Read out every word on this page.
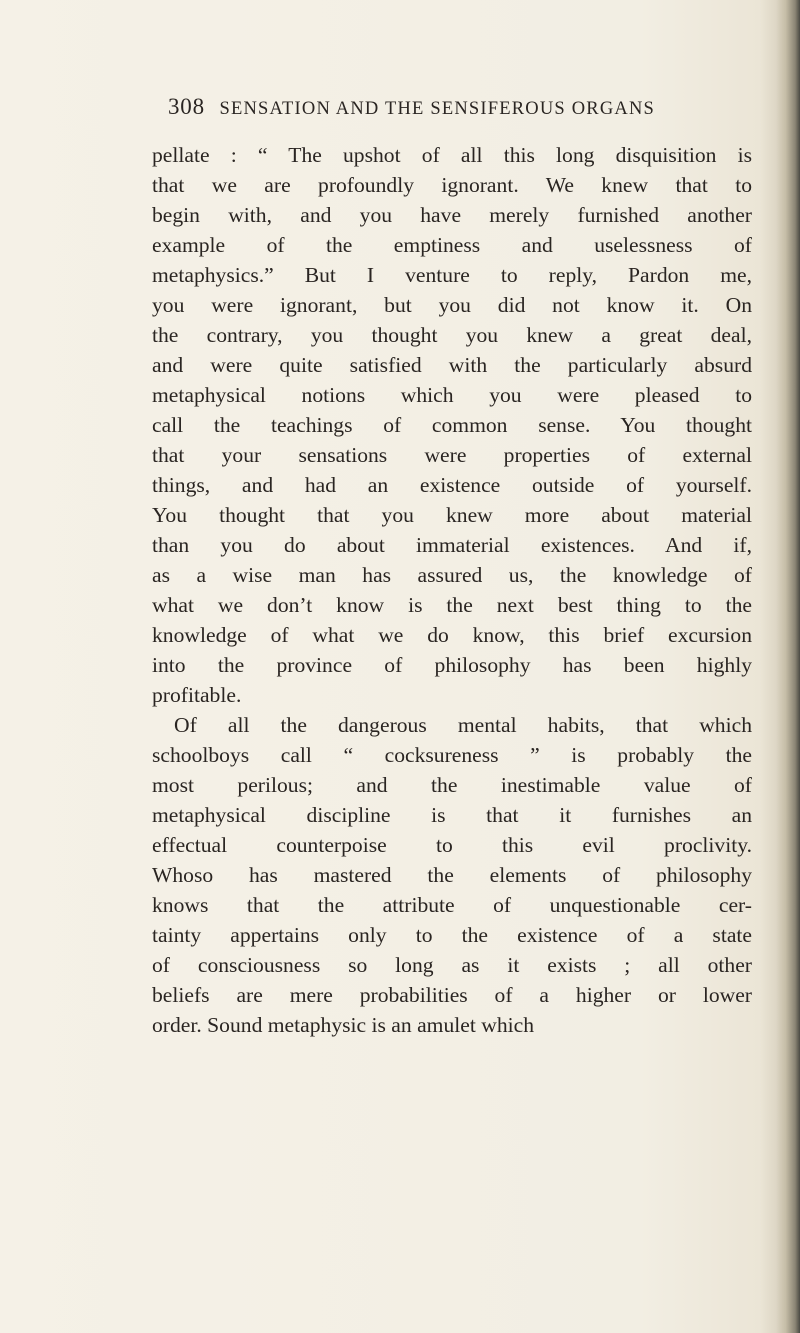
308 SENSATION AND THE SENSIFEROUS ORGANS
pellate : “ The upshot of all this long disquisition is
that we are profoundly ignorant. We knew that to
begin with, and you have merely furnished another
example of the emptiness and uselessness of
metaphysics.” But I venture to reply, Pardon me,
you were ignorant, but you did not know it. On
the contrary, you thought you knew a great deal,
and were quite satisfied with the particularly absurd
metaphysical notions which you were pleased to
call the teachings of common sense. You thought
that your sensations were properties of external
things, and had an existence outside of yourself.
You thought that you knew more about material
than you do about immaterial existences. And if,
as a wise man has assured us, the knowledge of
what we don’t know is the next best thing to the
knowledge of what we do know, this brief excursion
into the province of philosophy has been highly
profitable.
Of all the dangerous mental habits, that which
schoolboys call “ cocksureness ” is probably the
most perilous; and the inestimable value of
metaphysical discipline is that it furnishes an
effectual counterpoise to this evil proclivity.
Whoso has mastered the elements of philosophy
knows that the attribute of unquestionable cer-
tainty appertains only to the existence of a state
of consciousness so long as it exists ; all other
beliefs are mere probabilities of a higher or lower
order. Sound metaphysic is an amulet which
